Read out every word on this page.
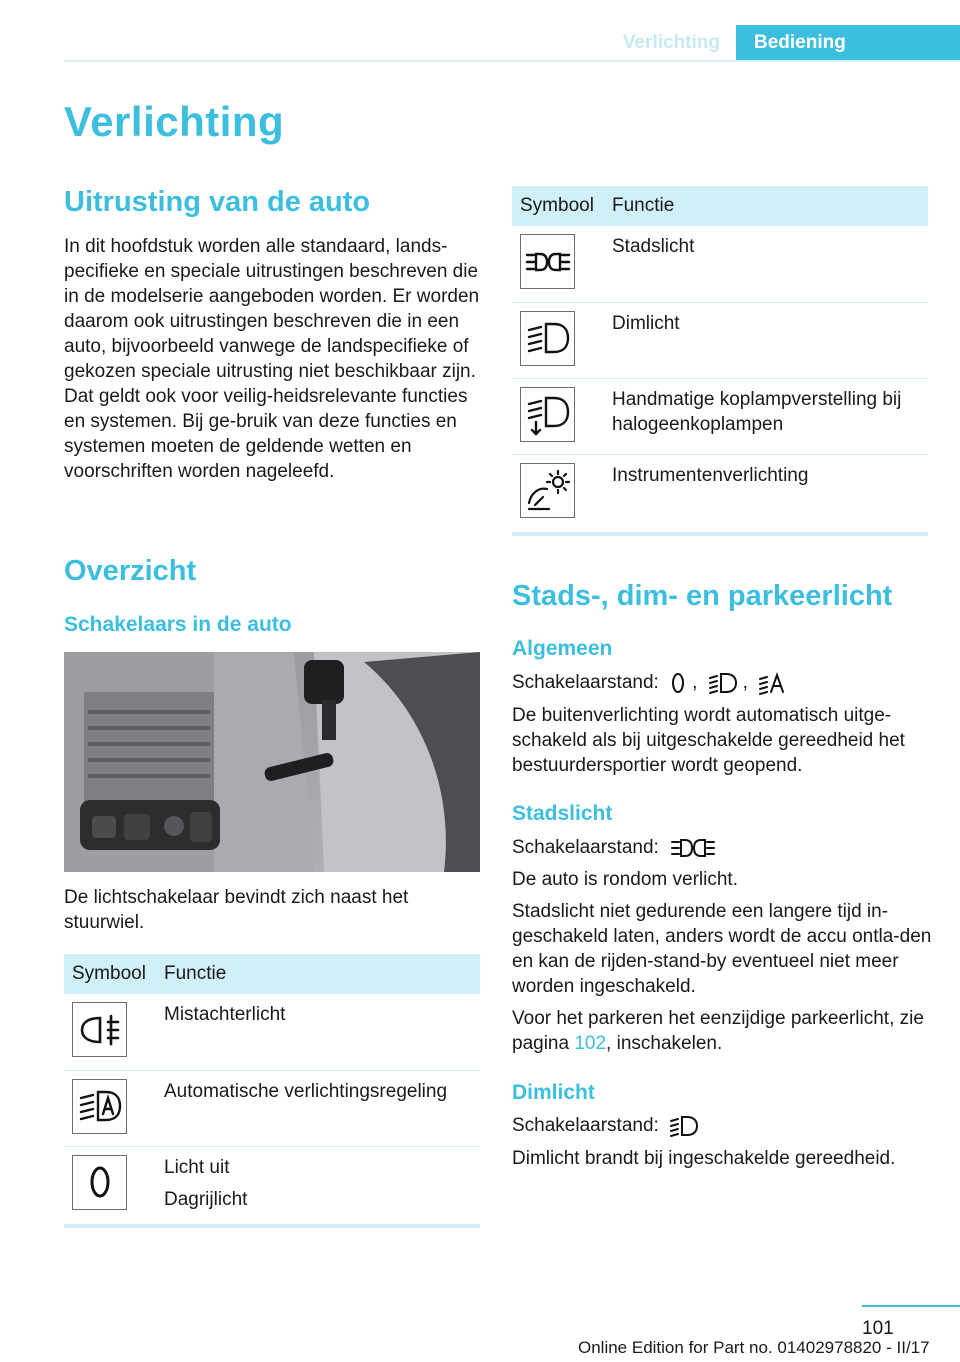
Verlichting	Bediening
Verlichting
Uitrusting van de auto
In dit hoofdstuk worden alle standaard, lands-pecifieke en speciale uitrustingen beschreven die in de modelserie aangeboden worden. Er worden daarom ook uitrustingen beschreven die in een auto, bijvoorbeeld vanwege de landspecifieke of gekozen speciale uitrusting niet beschikbaar zijn. Dat geldt ook voor veilig-heidsrelevante functies en systemen. Bij ge-bruik van deze functies en systemen moeten de geldende wetten en voorschriften worden nageleefd.
Overzicht
Schakelaars in de auto
De lichtschakelaar bevindt zich naast het stuurwiel.
Symbool	Functie

Mistachterlicht

Automatische verlichtingsregeling

Licht uit
Dagrijlicht
Symbool	Functie

Stadslicht

Dimlicht

Handmatige koplampverstelling bij halogeenkoplampen

Instrumentenverlichting
Stads-, dim- en parkeerlicht
Algemeen
Schakelaarstand: , ,
De buitenverlichting wordt automatisch uitge-schakeld als bij uitgeschakelde gereedheid het bestuurdersportier wordt geopend.
Stadslicht
Schakelaarstand:
De auto is rondom verlicht.
Stadslicht niet gedurende een langere tijd in-geschakeld laten, anders wordt de accu ontla-den en kan de rijden-stand-by eventueel niet meer worden ingeschakeld.
Voor het parkeren het eenzijdige parkeerlicht, zie pagina 102, inschakelen.
Dimlicht
Schakelaarstand:
Dimlicht brandt bij ingeschakelde gereedheid.
101
Online Edition for Part no. 01402978820 - II/17
